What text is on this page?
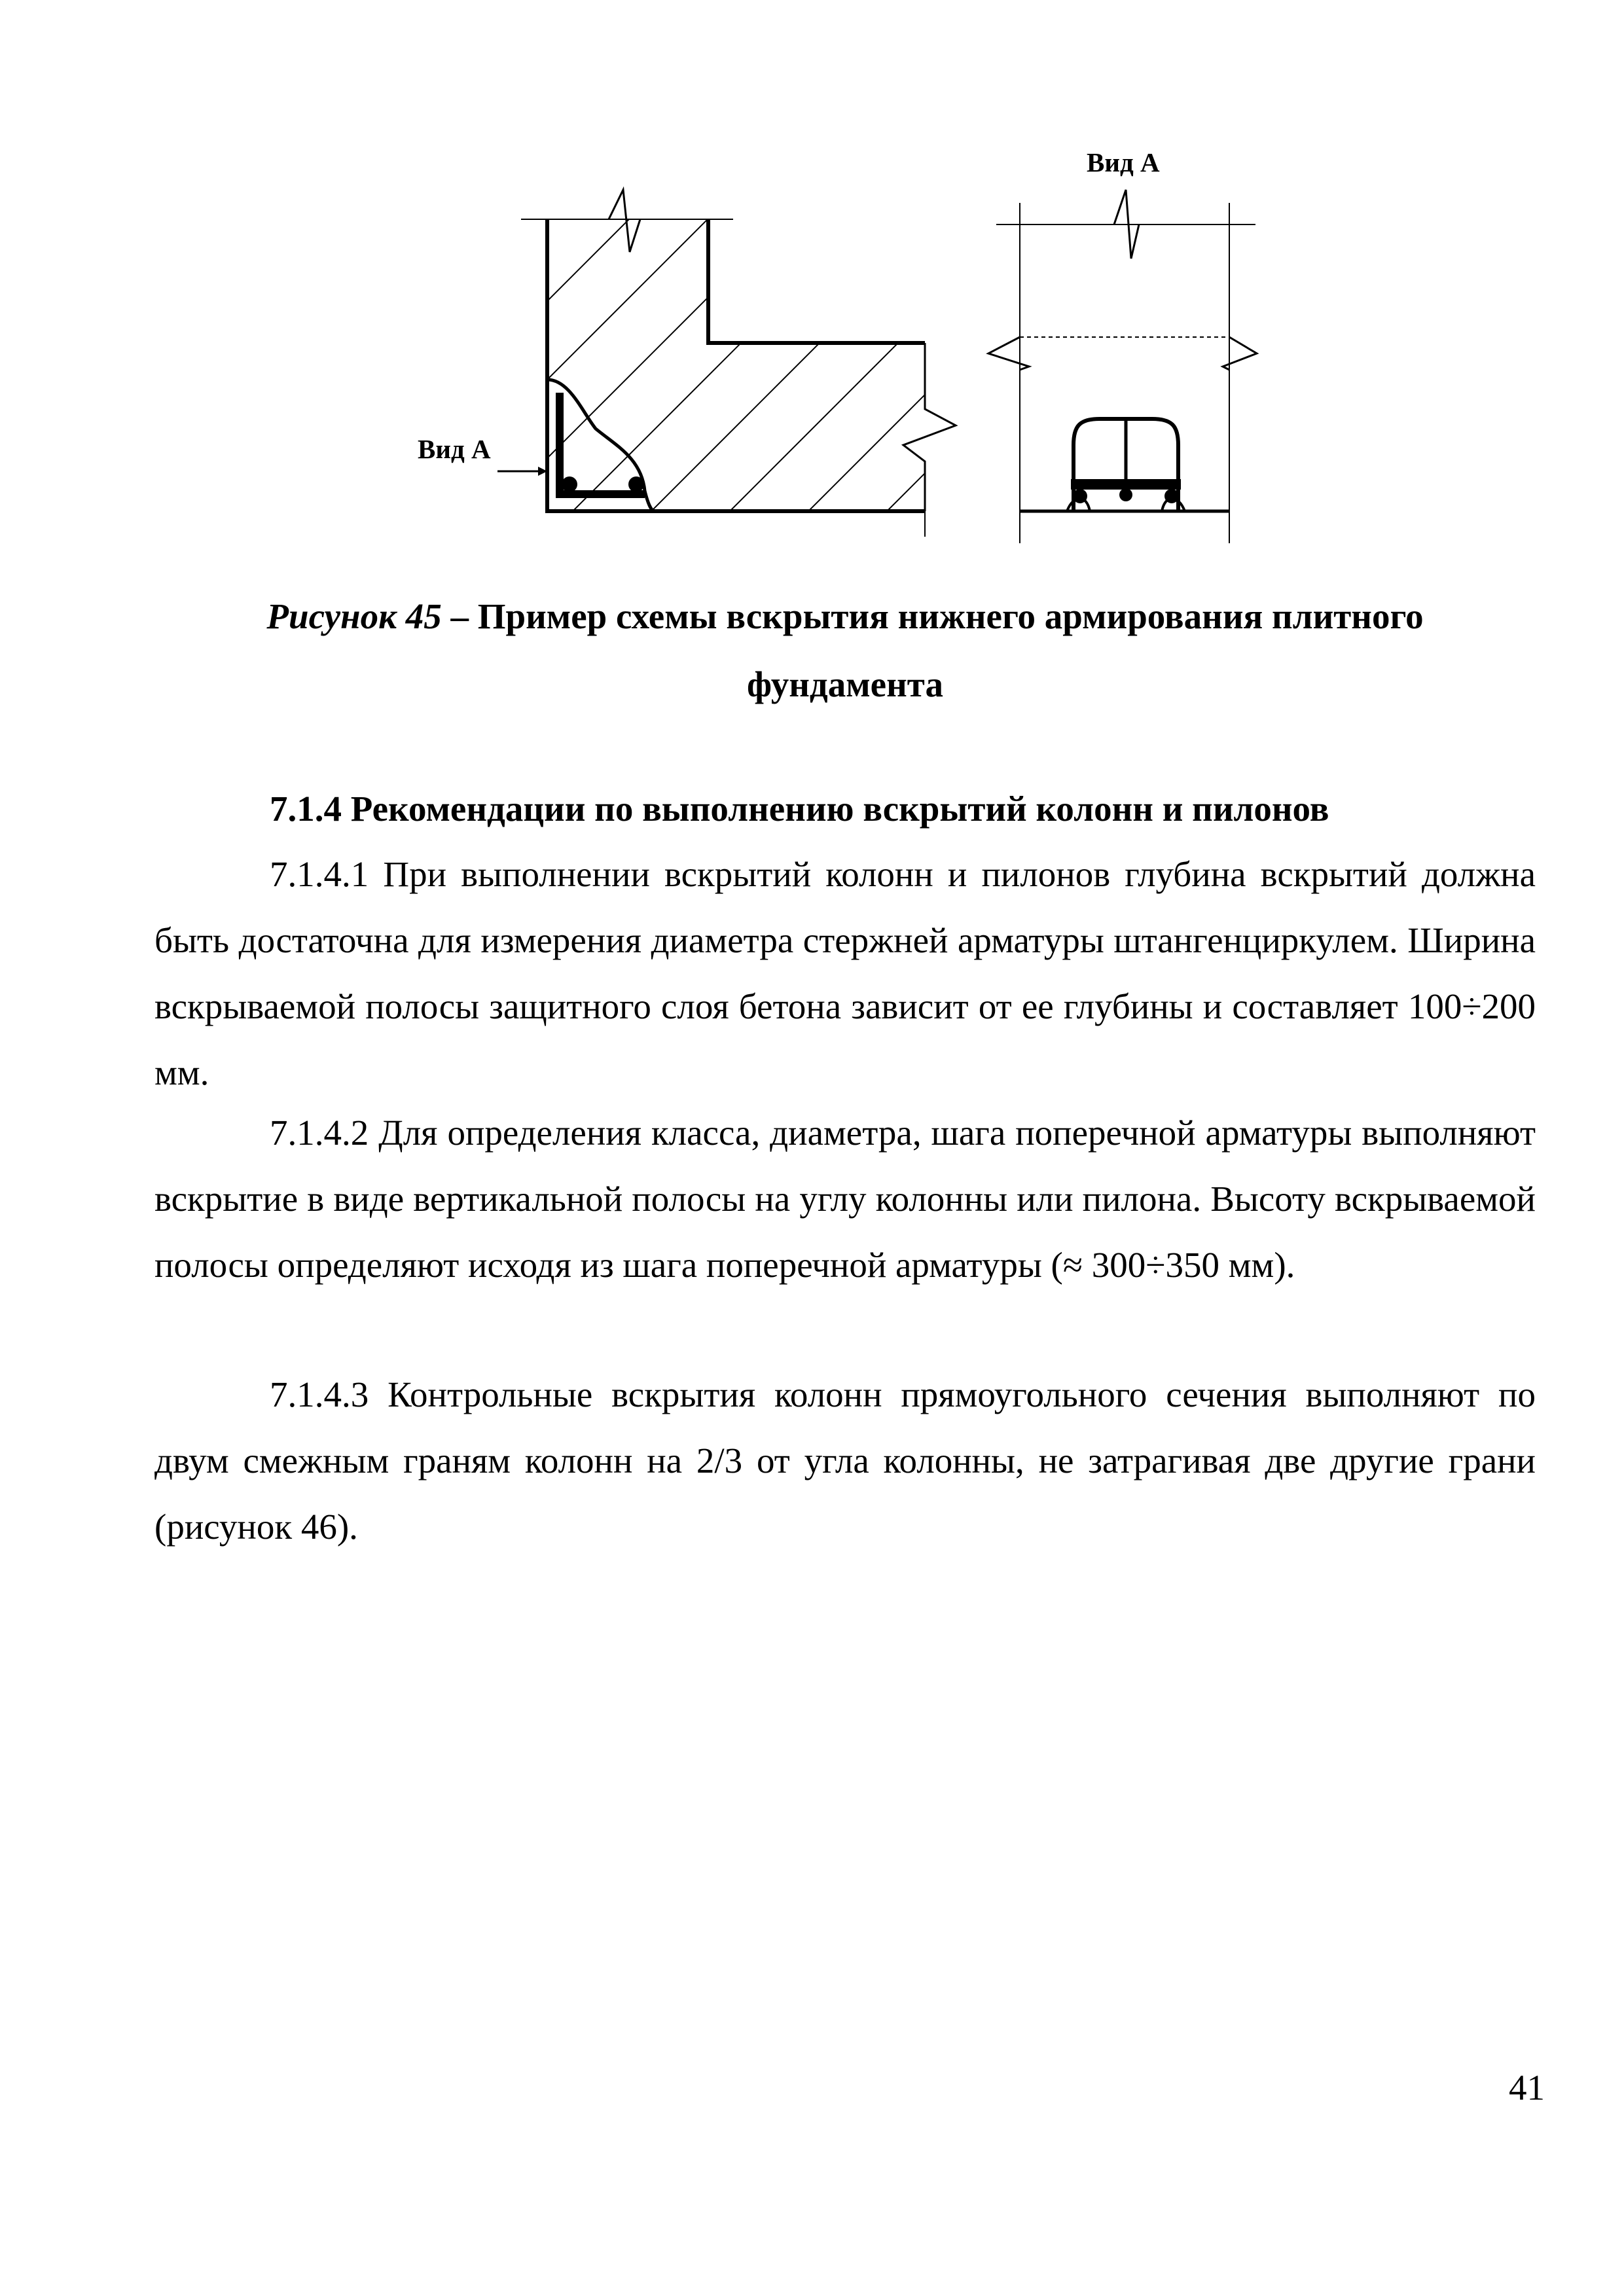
Вид А
Вид А
Рисунок 45 – Пример схемы вскрытия нижнего армирования плитного
фундамента
7.1.4 Рекомендации по выполнению вскрытий колонн и пилонов

7.1.4.1 При выполнении вскрытий колонн и пилонов глубина вскрытий должна быть достаточна для измерения диаметра стержней арматуры штангенциркулем. Ширина вскрываемой полосы защитного слоя бетона зависит от ее глубины и составляет 100÷200 мм.

7.1.4.2 Для определения класса, диаметра, шага поперечной арматуры выполняют вскрытие в виде вертикальной полосы на углу колонны или пилона. Высоту вскрываемой полосы определяют исходя из шага поперечной арматуры (≈ 300÷350 мм).

7.1.4.3 Контрольные вскрытия колонн прямоугольного сечения выполняют по двум смежным граням колонн на 2/3 от угла колонны, не затрагивая две другие грани (рисунок 46).

41
